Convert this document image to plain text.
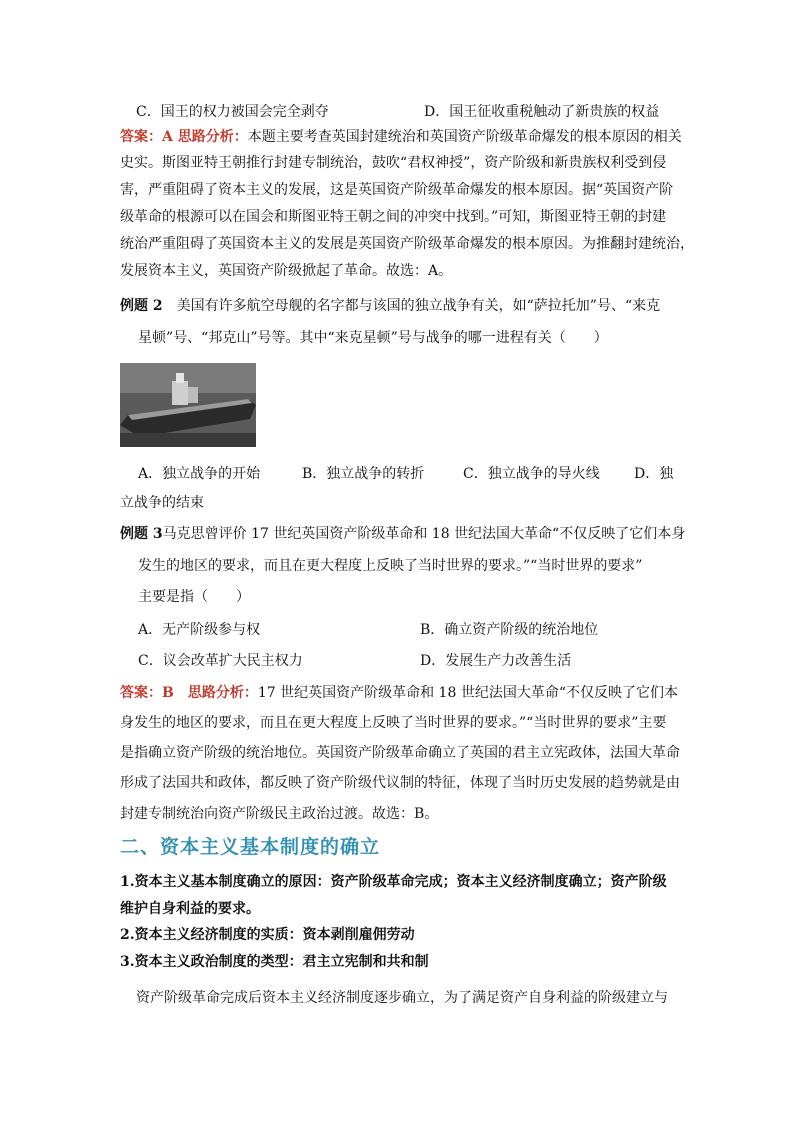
C．国王的权力被国会完全剥夺	D．国王征收重税触动了新贵族的权益
答案：A 思路分析：本题主要考查英国封建统治和英国资产阶级革命爆发的根本原因的相关
史实。斯图亚特王朝推行封建专制统治，鼓吹“君权神授”，资产阶级和新贵族权利受到侵
害，严重阻碍了资本主义的发展，这是英国资产阶级革命爆发的根本原因。据“英国资产阶
级革命的根源可以在国会和斯图亚特王朝之间的冲突中找到。”可知，斯图亚特王朝的封建
统治严重阻碍了英国资本主义的发展是英国资产阶级革命爆发的根本原因。为推翻封建统治，
发展资本主义，英国资产阶级掀起了革命。故选：A。
例题 2  美国有许多航空母舰的名字都与该国的独立战争有关，如“萨拉托加”号、“来克
星顿”号、“邦克山”号等。其中“来克星顿”号与战争的哪一进程有关（　　）
A．独立战争的开始	B．独立战争的转折	C．独立战争的导火线 D．独
立战争的结束
例题 3马克思曾评价 17 世纪英国资产阶级革命和 18 世纪法国大革命“不仅反映了它们本身
发生的地区的要求，而且在更大程度上反映了当时世界的要求。”“当时世界的要求”
主要是指（　　）
A．无产阶级参与权	B．确立资产阶级的统治地位
C．议会改革扩大民主权力	D．发展生产力改善生活
答案：B　思路分析：17 世纪英国资产阶级革命和 18 世纪法国大革命“不仅反映了它们本
身发生的地区的要求，而且在更大程度上反映了当时世界的要求。”“当时世界的要求”主要
是指确立资产阶级的统治地位。英国资产阶级革命确立了英国的君主立宪政体，法国大革命
形成了法国共和政体，都反映了资产阶级代议制的特征，体现了当时历史发展的趋势就是由
封建专制统治向资产阶级民主政治过渡。故选：B。
二、资本主义基本制度的确立
1.资本主义基本制度确立的原因：资产阶级革命完成；资本主义经济制度确立；资产阶级
维护自身利益的要求。
2.资本主义经济制度的实质：资本剥削雇佣劳动
3.资本主义政治制度的类型：君主立宪制和共和制
资产阶级革命完成后资本主义经济制度逐步确立，为了满足资产自身利益的阶级建立与
